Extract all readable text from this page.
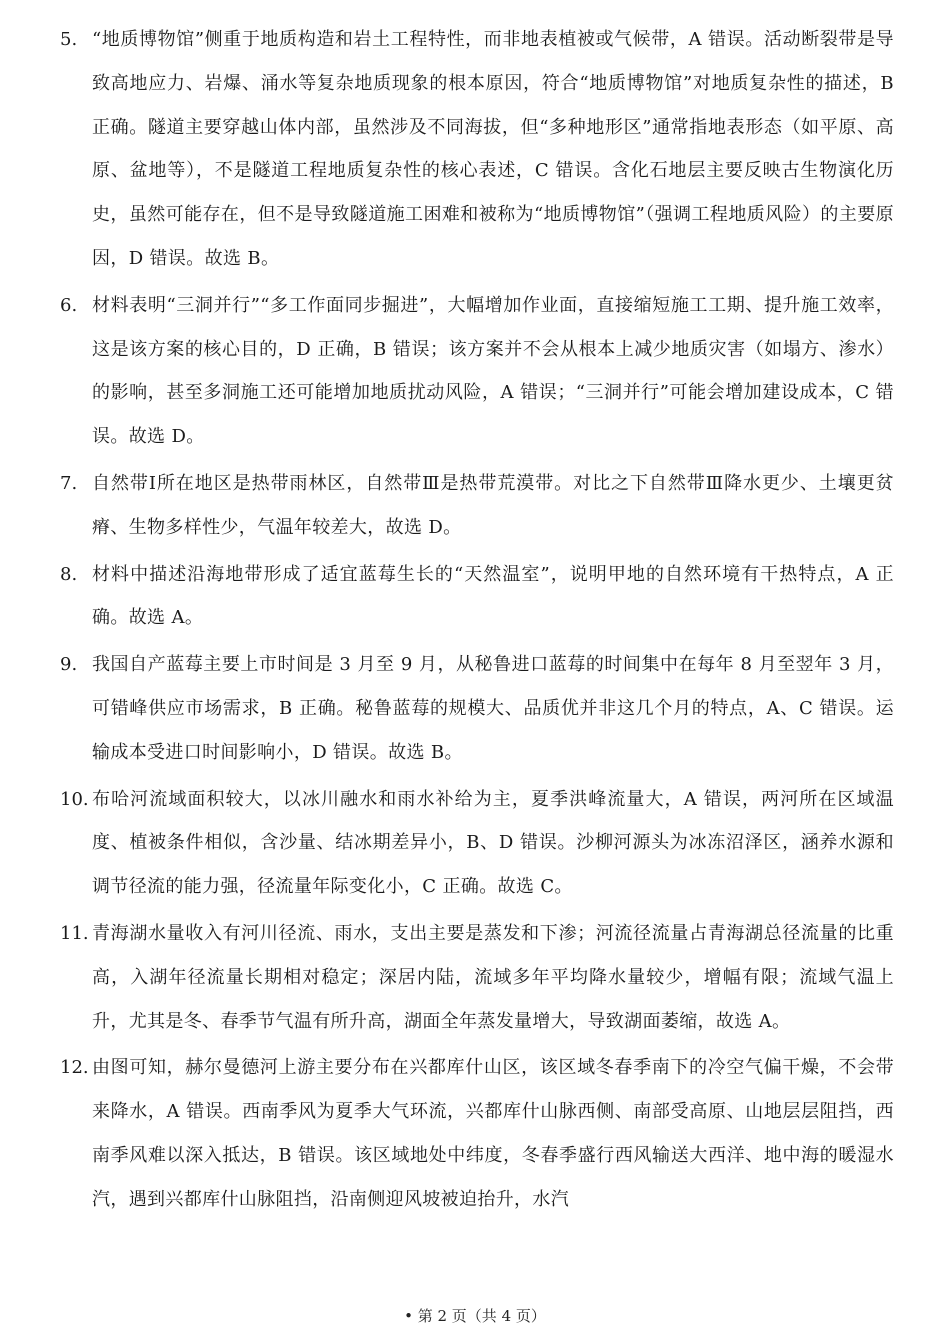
5. “地质博物馆”侧重于地质构造和岩土工程特性，而非地表植被或气候带，A 错误。活动断裂带是导致高地应力、岩爆、涌水等复杂地质现象的根本原因，符合“地质博物馆”对地质复杂性的描述，B 正确。隧道主要穿越山体内部，虽然涉及不同海拔，但“多种地形区”通常指地表形态（如平原、高原、盆地等），不是隧道工程地质复杂性的核心表述，C 错误。含化石地层主要反映古生物演化历史，虽然可能存在，但不是导致隧道施工困难和被称为“地质博物馆”（强调工程地质风险）的主要原因，D 错误。故选 B。
6. 材料表明“三洞并行”“多工作面同步掘进”，大幅增加作业面，直接缩短施工工期、提升施工效率，这是该方案的核心目的，D 正确，B 错误；该方案并不会从根本上减少地质灾害（如塌方、渗水）的影响，甚至多洞施工还可能增加地质扰动风险，A 错误；“三洞并行”可能会增加建设成本，C 错误。故选 D。
7. 自然带Ⅰ所在地区是热带雨林区，自然带Ⅲ是热带荒漠带。对比之下自然带Ⅲ降水更少、土壤更贫瘠、生物多样性少，气温年较差大，故选 D。
8. 材料中描述沿海地带形成了适宜蓝莓生长的“天然温室”，说明甲地的自然环境有干热特点，A 正确。故选 A。
9. 我国自产蓝莓主要上市时间是 3 月至 9 月，从秘鲁进口蓝莓的时间集中在每年 8 月至翌年 3 月，可错峰供应市场需求，B 正确。秘鲁蓝莓的规模大、品质优并非这几个月的特点，A、C 错误。运输成本受进口时间影响小，D 错误。故选 B。
10. 布哈河流域面积较大，以冰川融水和雨水补给为主，夏季洪峰流量大，A 错误，两河所在区域温度、植被条件相似，含沙量、结冰期差异小，B、D 错误。沙柳河源头为冰冻沼泽区，涵养水源和调节径流的能力强，径流量年际变化小，C 正确。故选 C。
11. 青海湖水量收入有河川径流、雨水，支出主要是蒸发和下渗；河流径流量占青海湖总径流量的比重高，入湖年径流量长期相对稳定；深居内陆，流域多年平均降水量较少，增幅有限；流域气温上升，尤其是冬、春季节气温有所升高，湖面全年蒸发量增大，导致湖面萎缩，故选 A。
12. 由图可知，赫尔曼德河上游主要分布在兴都库什山区，该区域冬春季南下的冷空气偏干燥，不会带来降水，A 错误。西南季风为夏季大气环流，兴都库什山脉西侧、南部受高原、山地层层阻挡，西南季风难以深入抵达，B 错误。该区域地处中纬度，冬春季盛行西风输送大西洋、地中海的暖湿水汽，遇到兴都库什山脉阻挡，沿南侧迎风坡被迫抬升，水汽
• 第 2 页（共 4 页）
